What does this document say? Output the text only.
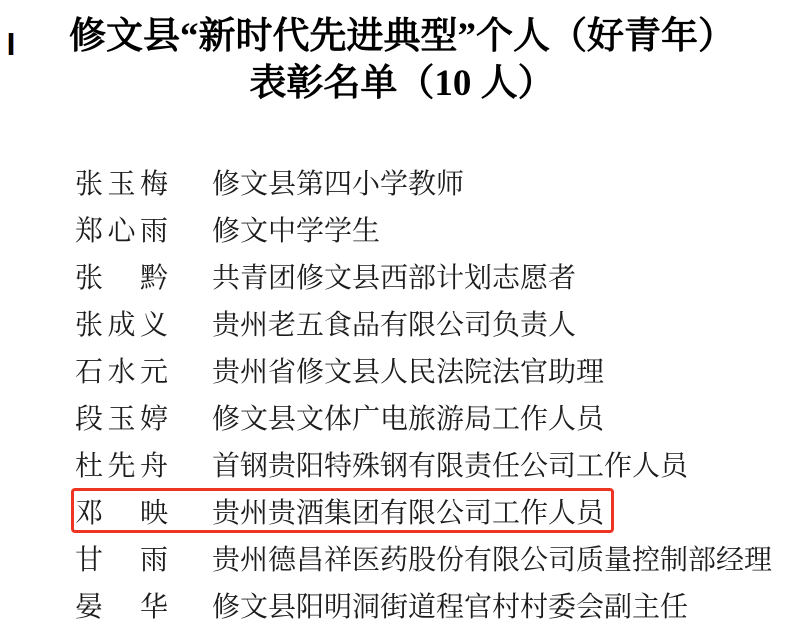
修文县“新时代先进典型”个人（好青年）
表彰名单（10 人）
张 玉 梅 修文县第四小学教师
郑 心 雨 修文中学学生
张 黔 共青团修文县西部计划志愿者
张 成 义 贵州老五食品有限公司负责人
石 水 元 贵州省修文县人民法院法官助理
段 玉 婷 修文县文体广电旅游局工作人员
杜 先 舟 首钢贵阳特殊钢有限责任公司工作人员
邓 映 贵州贵酒集团有限公司工作人员
甘 雨 贵州德昌祥医药股份有限公司质量控制部经理
晏 华 修文县阳明洞街道程官村村委会副主任
